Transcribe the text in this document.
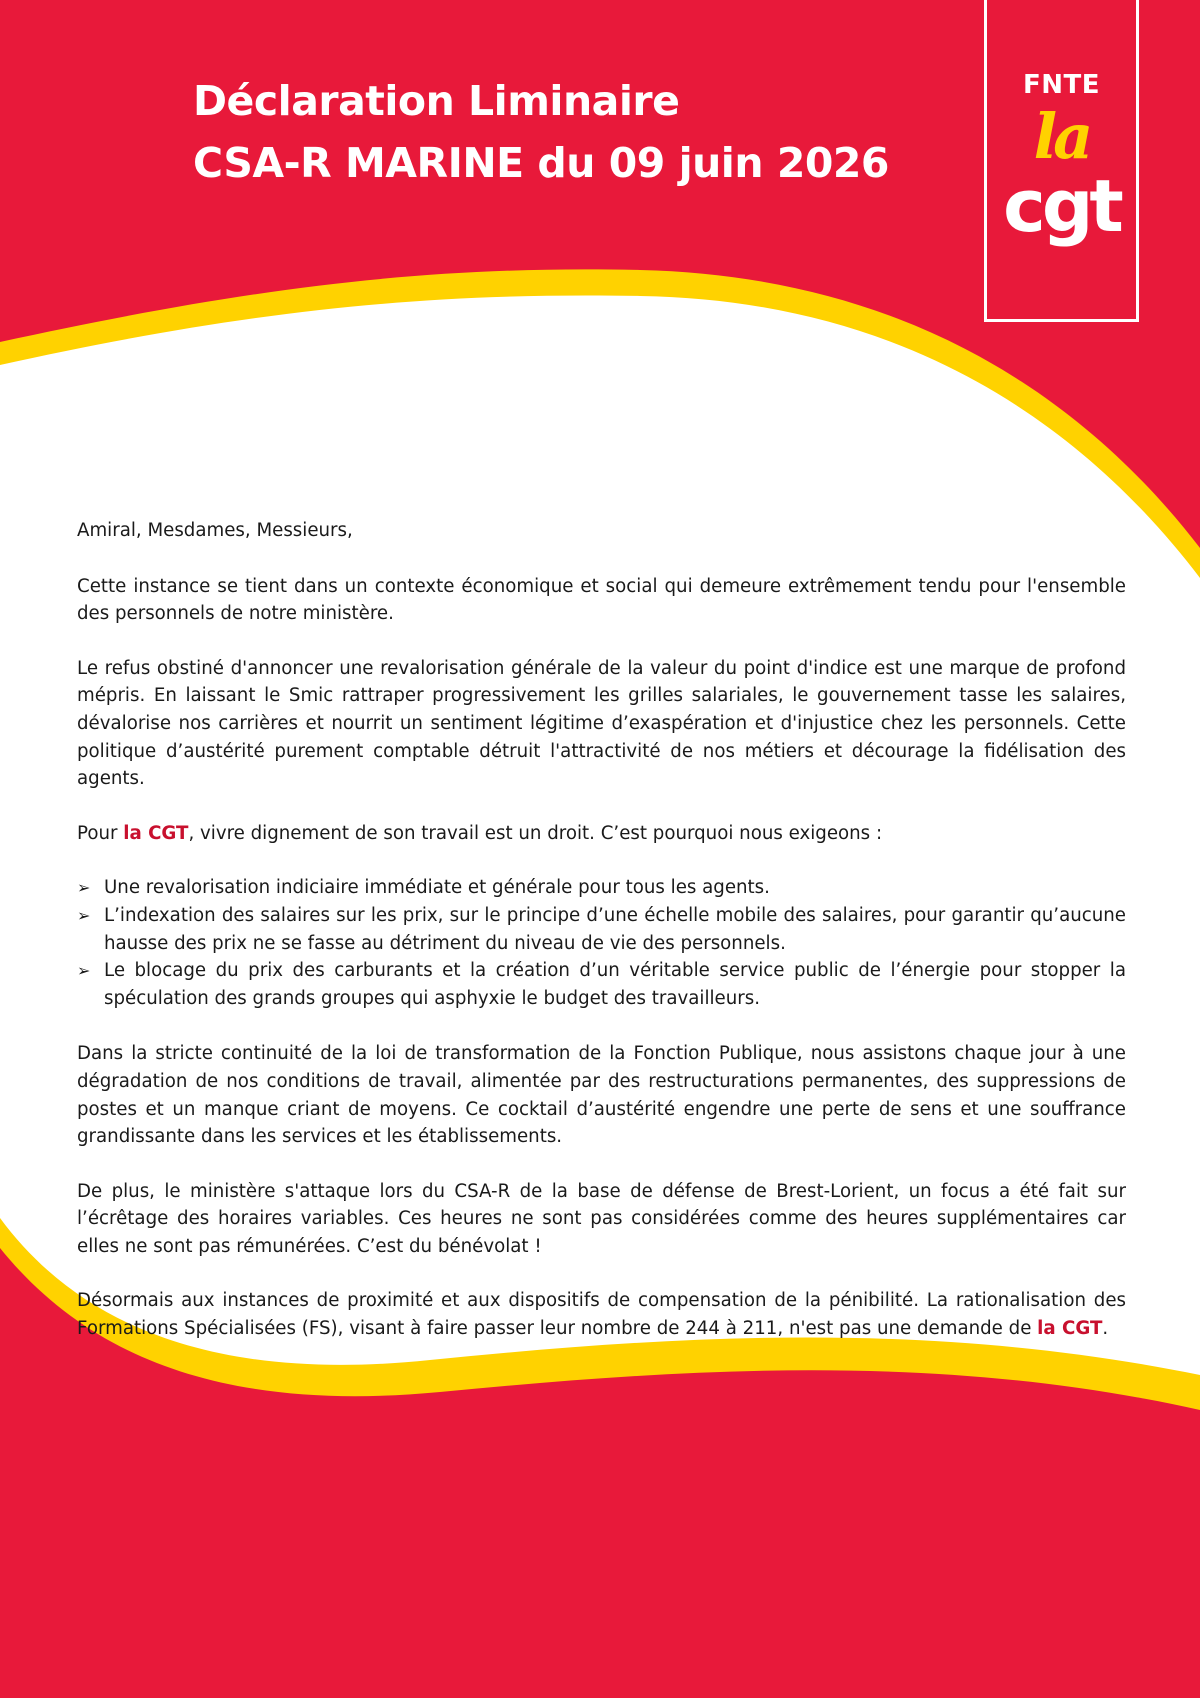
Déclaration Liminaire
CSA-R MARINE du 09 juin 2026
FNTE
la
cgt

Amiral, Mesdames, Messieurs,

Cette instance se tient dans un contexte économique et social qui demeure extrêmement tendu pour l'ensemble des personnels de notre ministère.

Le refus obstiné d'annoncer une revalorisation générale de la valeur du point d'indice est une marque de profond mépris. En laissant le Smic rattraper progressivement les grilles salariales, le gouvernement tasse les salaires, dévalorise nos carrières et nourrit un sentiment légitime d’exaspération et d'injustice chez les personnels. Cette politique d’austérité purement comptable détruit l'attractivité de nos métiers et décourage la fidélisation des agents.

Pour la CGT, vivre dignement de son travail est un droit. C’est pourquoi nous exigeons :

➢ Une revalorisation indiciaire immédiate et générale pour tous les agents.
➢ L’indexation des salaires sur les prix, sur le principe d’une échelle mobile des salaires, pour garantir qu’aucune hausse des prix ne se fasse au détriment du niveau de vie des personnels.
➢ Le blocage du prix des carburants et la création d’un véritable service public de l’énergie pour stopper la spéculation des grands groupes qui asphyxie le budget des travailleurs.

Dans la stricte continuité de la loi de transformation de la Fonction Publique, nous assistons chaque jour à une dégradation de nos conditions de travail, alimentée par des restructurations permanentes, des suppressions de postes et un manque criant de moyens. Ce cocktail d’austérité engendre une perte de sens et une souffrance grandissante dans les services et les établissements.

De plus, le ministère s'attaque lors du CSA-R de la base de défense de Brest-Lorient, un focus a été fait sur l’écrêtage des horaires variables. Ces heures ne sont pas considérées comme des heures supplémentaires car elles ne sont pas rémunérées. C’est du bénévolat !

Désormais aux instances de proximité et aux dispositifs de compensation de la pénibilité. La rationalisation des Formations Spécialisées (FS), visant à faire passer leur nombre de 244 à 211, n'est pas une demande de la CGT.
